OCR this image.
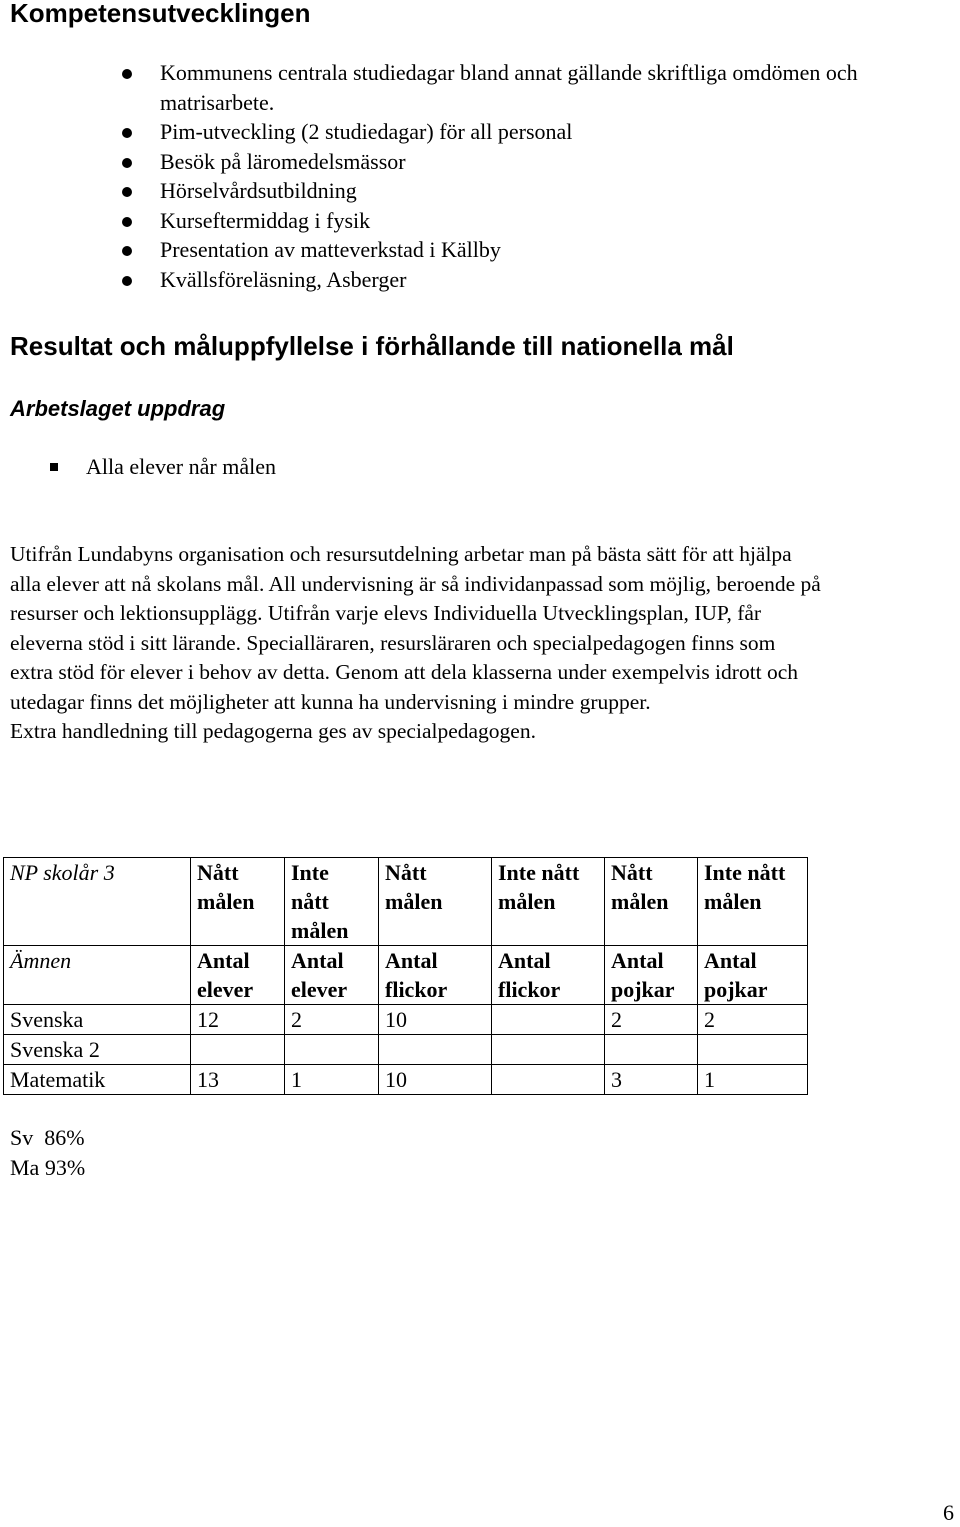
Kompetensutvecklingen
Kommunens centrala studiedagar bland annat gällande skriftliga omdömen och matrisarbete.
Pim-utveckling (2 studiedagar) för all personal
Besök på läromedelsmässor
Hörselvårdsutbildning
Kurseftermiddag i fysik
Presentation av matteverkstad i Källby
Kvällsföreläsning, Asberger
Resultat och måluppfyllelse i förhållande till nationella mål
Arbetslaget uppdrag
Alla elever når målen
Utifrån Lundabyns organisation och resursutdelning arbetar man på bästa sätt för att hjälpa
alla elever att nå skolans mål. All undervisning är så individanpassad som möjlig, beroende på
resurser och lektionsupplägg. Utifrån varje elevs Individuella Utvecklingsplan, IUP, får
eleverna stöd i sitt lärande. Specialläraren, resursläraren och specialpedagogen finns som
extra stöd för elever i behov av detta. Genom att dela klasserna under exempelvis idrott och
utedagar finns det möjligheter att kunna ha undervisning i mindre grupper.
Extra handledning till pedagogerna ges av specialpedagogen.
NP skolår 3	Nått målen	Inte nått målen	Nått målen	Inte nått målen	Nått målen	Inte nått målen
Ämnen	Antal elever	Antal elever	Antal flickor	Antal flickor	Antal pojkar	Antal pojkar
Svenska	12	2	10		2	2
Svenska 2						
Matematik	13	1	10		3	1
Sv  86%
Ma 93%
6
